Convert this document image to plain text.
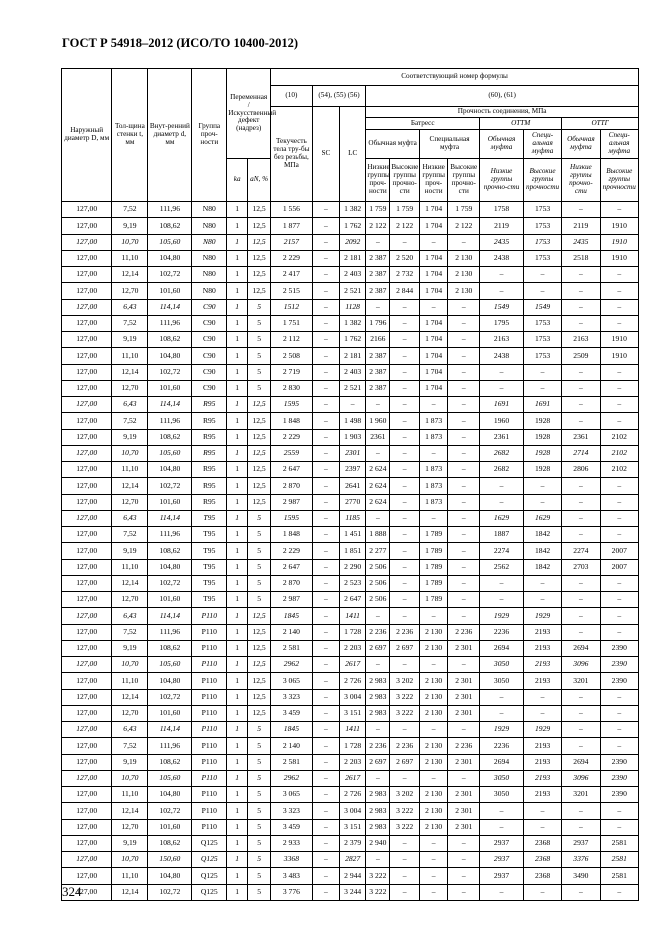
ГОСТ Р 54918–2012 (ИСО/ТО 10400-2012)
Наружный диаметр D, мм	Тол-щина стенки t, мм	Внут-ренний диаметр d, мм	Группа проч-ности	Переменная /Искусственный дефект (надрез)		Соответствующий номер формулы										
						(10)	(54), (55) (56)		(60), (61)							
						Текучесть тела тру-бы без резьбы, МПа	SC	LC	Прочность соединения, МПа							
									Батресс				ОТТМ		ОТТГ	
									Обычная муфта		Специальная муфта		Обычная муфта	Специ-альная муфта	Обычная муфта	Специ-альная муфта
				kа	aN, %				Низкие группы проч-ности	Высокие группы прочно-сти	Низкие группы проч-ности	Высокие группы прочно-сти	Низкие группы прочно-сти	Высокие группы прочности	Низкие группы прочно-сти	Высокие группы прочности
127,00	7,52	111,96	N80	1	12,5	1 556	–	1 382	1 759	1 759	1 704	1 759	1758	1753	–	–
127,00	9,19	108,62	N80	1	12,5	1 877	–	1 762	2 122	2 122	1 704	2 122	2119	1753	2119	1910
127,00	10,70	105,60	N80	1	12,5	2157	–	2092	–	–	–	–	2435	1753	2435	1910
127,00	11,10	104,80	N80	1	12,5	2 229	–	2 181	2 387	2 520	1 704	2 130	2438	1753	2518	1910
127,00	12,14	102,72	N80	1	12,5	2 417	–	2 403	2 387	2 732	1 704	2 130	–	–	–	–
127,00	12,70	101,60	N80	1	12,5	2 515	–	2 521	2 387	2 844	1 704	2 130	–	–	–	–
127,00	6,43	114,14	C90	1	5	1512	–	1128	–	–	–	–	1549	1549	–	–
127,00	7,52	111,96	C90	1	5	1 751	–	1 382	1 796	–	1 704	–	1795	1753	–	–
127,00	9,19	108,62	C90	1	5	2 112	–	1 762	2166	–	1 704	–	2163	1753	2163	1910
127,00	11,10	104,80	C90	1	5	2 508	–	2 181	2 387	–	1 704	–	2438	1753	2509	1910
127,00	12,14	102,72	C90	1	5	2 719	–	2 403	2 387	–	1 704	–	–	–	–	–
127,00	12,70	101,60	C90	1	5	2 830	–	2 521	2 387	–	1 704	–	–	–	–	–
127,00	6,43	114,14	R95	1	12,5	1595	–	–	–	–	–	–	1691	1691	–	–
127,00	7,52	111,96	R95	1	12,5	1 848	–	1 498	1 960	–	1 873	–	1960	1928	–	–
127,00	9,19	108,62	R95	1	12,5	2 229	–	1 903	2361	–	1 873	–	2361	1928	2361	2102
127,00	10,70	105,60	R95	1	12,5	2559	–	2301	–	–	–	–	2682	1928	2714	2102
127,00	11,10	104,80	R95	1	12,5	2 647	–	2397	2 624	–	1 873	–	2682	1928	2806	2102
127,00	12,14	102,72	R95	1	12,5	2 870	–	2641	2 624	–	1 873	–	–	–	–	–
127,00	12,70	101,60	R95	1	12,5	2 987	–	2770	2 624	–	1 873	–	–	–	–	–
127,00	6,43	114,14	T95	1	5	1595	–	1185	–	–	–	–	1629	1629	–	–
127,00	7,52	111,96	T95	1	5	1 848	–	1 451	1 888	–	1 789	–	1887	1842	–	–
127,00	9,19	108,62	T95	1	5	2 229	–	1 851	2 277	–	1 789	–	2274	1842	2274	2007
127,00	11,10	104,80	T95	1	5	2 647	–	2 290	2 506	–	1 789	–	2562	1842	2703	2007
127,00	12,14	102,72	T95	1	5	2 870	–	2 523	2 506	–	1 789	–	–	–	–	–
127,00	12,70	101,60	T95	1	5	2 987	–	2 647	2 506	–	1 789	–	–	–	–	–
127,00	6,43	114,14	P110	1	12,5	1845	–	1411	–	–	–	–	1929	1929	–	–
127,00	7,52	111,96	P110	1	12,5	2 140	–	1 728	2 236	2 236	2 130	2 236	2236	2193	–	–
127,00	9,19	108,62	P110	1	12,5	2 581	–	2 203	2 697	2 697	2 130	2 301	2694	2193	2694	2390
127,00	10,70	105,60	P110	1	12,5	2962	–	2617	–	–	–	–	3050	2193	3096	2390
127,00	11,10	104,80	P110	1	12,5	3 065	–	2 726	2 983	3 202	2 130	2 301	3050	2193	3201	2390
127,00	12,14	102,72	P110	1	12,5	3 323	–	3 004	2 983	3 222	2 130	2 301	–	–	–	–
127,00	12,70	101,60	P110	1	12,5	3 459	–	3 151	2 983	3 222	2 130	2 301	–	–	–	–
127,00	6,43	114,14	P110	1	5	1845	–	1411	–	–	–	–	1929	1929	–	–
127,00	7,52	111,96	P110	1	5	2 140	–	1 728	2 236	2 236	2 130	2 236	2236	2193	–	–
127,00	9,19	108,62	P110	1	5	2 581	–	2 203	2 697	2 697	2 130	2 301	2694	2193	2694	2390
127,00	10,70	105,60	P110	1	5	2962	–	2617	–	–	–	–	3050	2193	3096	2390
127,00	11,10	104,80	P110	1	5	3 065	–	2 726	2 983	3 202	2 130	2 301	3050	2193	3201	2390
127,00	12,14	102,72	P110	1	5	3 323	–	3 004	2 983	3 222	2 130	2 301	–	–	–	–
127,00	12,70	101,60	P110	1	5	3 459	–	3 151	2 983	3 222	2 130	2 301	–	–	–	–
127,00	9,19	108,62	Q125	1	5	2 933	–	2 379	2 940	–	–	–	2937	2368	2937	2581
127,00	10,70	150,60	Q125	1	5	3368	–	2827	–	–	–	–	2937	2368	3376	2581
127,00	11,10	104,80	Q125	1	5	3 483	–	2 944	3 222	–	–	–	2937	2368	3490	2581
127,00	12,14	102,72	Q125	1	5	3 776	–	3 244	3 222	–	–	–	–	–	–	–
324
